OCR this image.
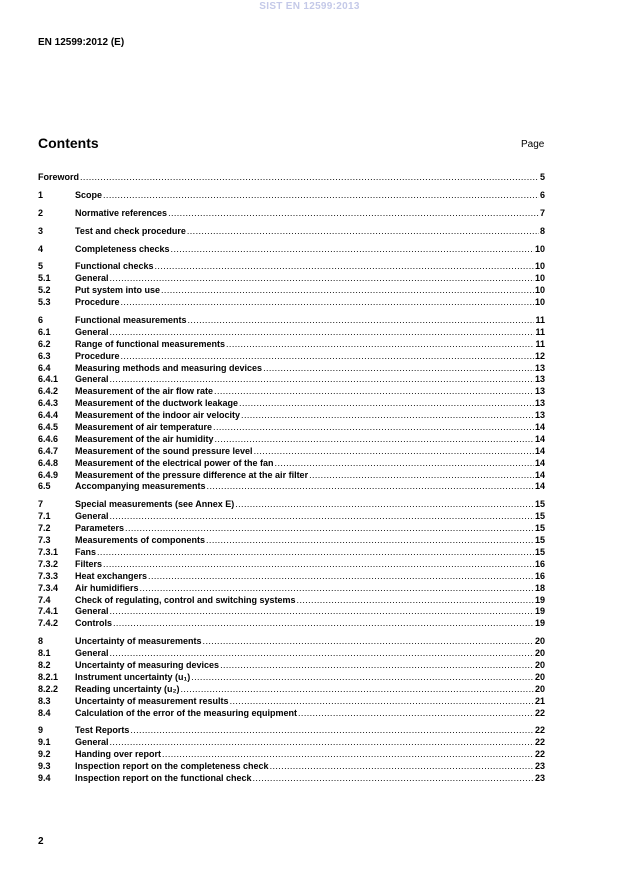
SIST EN 12599:2013
EN 12599:2012 (E)
Contents	Page
Foreword .....	5
1	Scope .....	6
2	Normative references .....	7
3	Test and check procedure .....	8
4	Completeness checks .....	10
5	Functional checks .....	10
5.1	General .....	10
5.2	Put system into use .....	10
5.3	Procedure .....	10
6	Functional measurements .....	11
6.1	General .....	11
6.2	Range of functional measurements .....	11
6.3	Procedure .....	12
6.4	Measuring methods and measuring devices .....	13
6.4.1	General .....	13
6.4.2	Measurement of the air flow rate .....	13
6.4.3	Measurement of the ductwork leakage .....	13
6.4.4	Measurement of the indoor air velocity .....	13
6.4.5	Measurement of air temperature .....	14
6.4.6	Measurement of the air humidity .....	14
6.4.7	Measurement of the sound pressure level .....	14
6.4.8	Measurement of the electrical power of the fan .....	14
6.4.9	Measurement of the pressure difference at the air filter .....	14
6.5	Accompanying measurements .....	14
7	Special measurements (see Annex E) .....	15
7.1	General .....	15
7.2	Parameters .....	15
7.3	Measurements of components .....	15
7.3.1	Fans .....	15
7.3.2	Filters .....	16
7.3.3	Heat exchangers .....	16
7.3.4	Air humidifiers .....	18
7.4	Check of regulating, control and switching systems .....	19
7.4.1	General .....	19
7.4.2	Controls .....	19
8	Uncertainty of measurements .....	20
8.1	General .....	20
8.2	Uncertainty of measuring devices .....	20
8.2.1	Instrument uncertainty (u₁) .....	20
8.2.2	Reading uncertainty (u₂) .....	20
8.3	Uncertainty of measurement results .....	21
8.4	Calculation of the error of the measuring equipment .....	22
9	Test Reports .....	22
9.1	General .....	22
9.2	Handing over report .....	22
9.3	Inspection report on the completeness check .....	23
9.4	Inspection report on the functional check .....	23
2
